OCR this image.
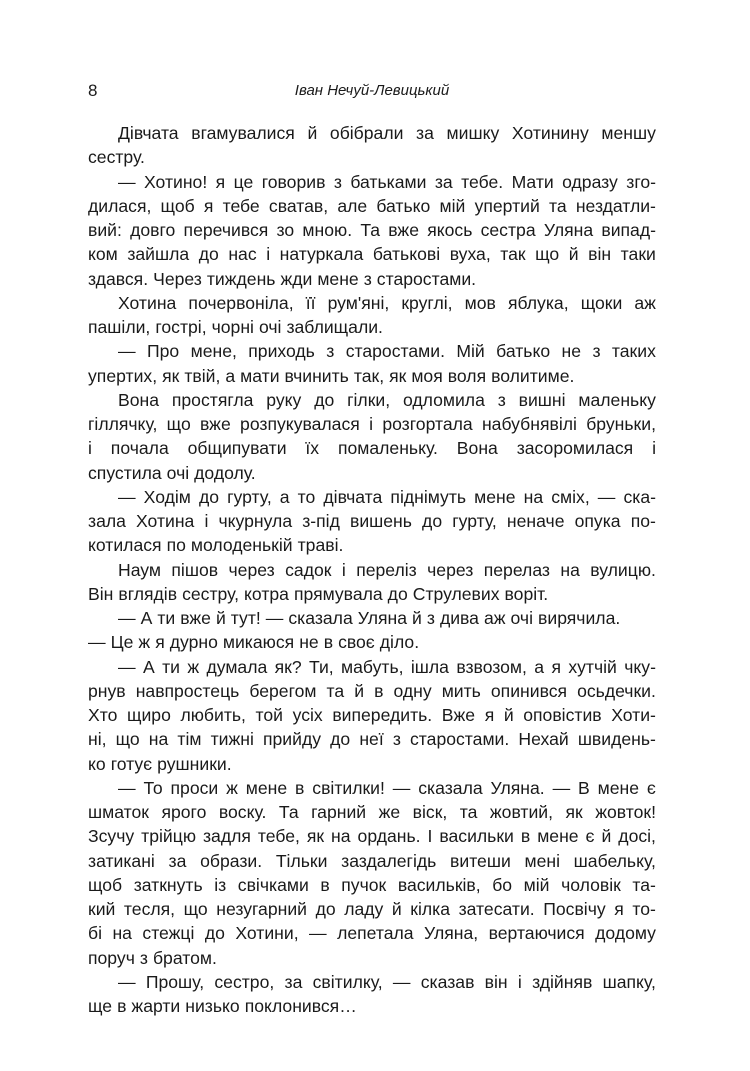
8	Іван Нечуй-Левицький
Дівчата вгамувалися й обібрали за мишку Хотинину меншу
сестру.
— Хотино! я це говорив з батьками за тебе. Мати одразу зго-
дилася, щоб я тебе сватав, але батько мій упертий та нездатли-
вий: довго перечився зо мною. Та вже якось сестра Уляна випад-
ком зайшла до нас і натуркала батькові вуха, так що й він таки
здався. Через тиждень жди мене з старостами.
Хотина почервоніла, її рум'яні, круглі, мов яблука, щоки аж
пашіли, гострі, чорні очі заблищали.
— Про мене, приходь з старостами. Мій батько не з таких
упертих, як твій, а мати вчинить так, як моя воля волитиме.
Вона простягла руку до гілки, одломила з вишні маленьку
гіллячку, що вже розпукувалася і розгортала набубнявілі бруньки,
і почала общипувати їх помаленьку. Вона засоромилася і
спустила очі додолу.
— Ходім до гурту, а то дівчата піднімуть мене на сміх, — ска-
зала Хотина і чкурнула з-під вишень до гурту, неначе опука по-
котилася по молоденькій траві.
Наум пішов через садок і переліз через перелаз на вулицю.
Він вглядів сестру, котра прямувала до Струлевих воріт.
— А ти вже й тут! — сказала Уляна й з дива аж очі вирячила.
— Це ж я дурно микаюся не в своє діло.
— А ти ж думала як? Ти, мабуть, ішла взвозом, а я хутчій чку-
рнув навпростець берегом та й в одну мить опинився осьдечки.
Хто щиро любить, той усіх випередить. Вже я й оповістив Хоти-
ні, що на тім тижні прийду до неї з старостами. Нехай швидень-
ко готує рушники.
— То проси ж мене в світилки! — сказала Уляна. — В мене є
шматок ярого воску. Та гарний же віск, та жовтий, як жовток!
Зсучу трійцю задля тебе, як на ордань. І васильки в мене є й досі,
затикані за образи. Тільки заздалегідь витеши мені шабельку,
щоб заткнуть із свічками в пучок васильків, бо мій чоловік та-
кий тесля, що незугарний до ладу й кілка затесати. Посвічу я то-
бі на стежці до Хотини, — лепетала Уляна, вертаючися додому
поруч з братом.
— Прошу, сестро, за світилку, — сказав він і здійняв шапку,
ще в жарти низько поклонився…
